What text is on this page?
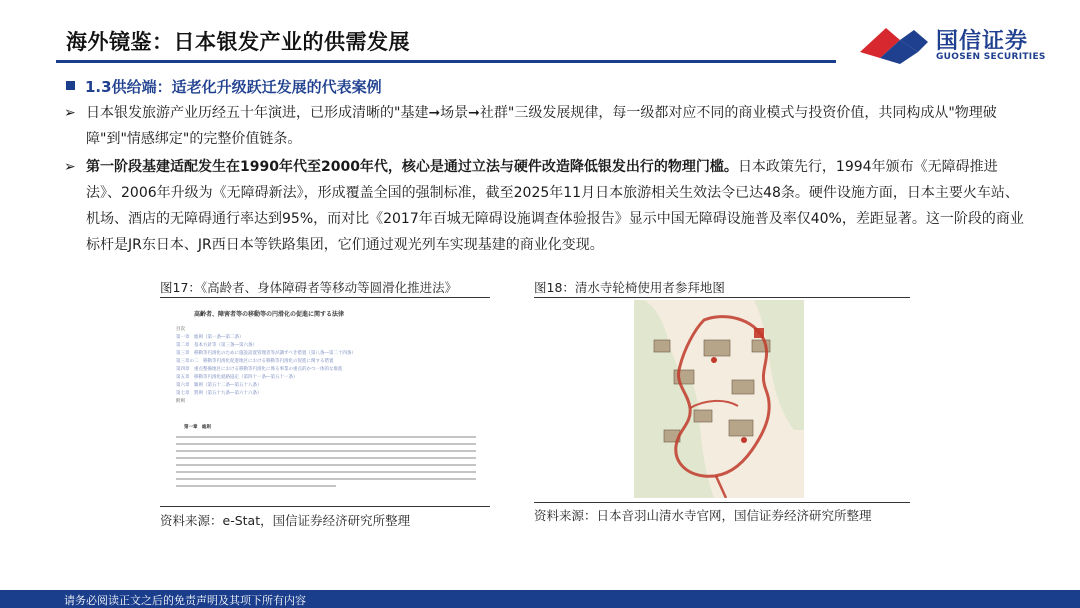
海外镜鉴：日本银发产业的供需发展	国信证券
GUOSEN SECURITIES
1.3供给端：适老化升级跃迁发展的代表案例
➢ 日本银发旅游产业历经五十年演进，已形成清晰的"基建➞场景➞社群"三级发展规律，每一级都对应不同的商业模式与投资价值，共同构成从"物理破障"到"情感绑定"的完整价值链条。
➢ 第一阶段基建适配发生在1990年代至2000年代，核心是通过立法与硬件改造降低银发出行的物理门槛。日本政策先行，1994年颁布《无障碍推进法》、2006年升级为《无障碍新法》，形成覆盖全国的强制标准，截至2025年11月日本旅游相关生效法令已达48条。硬件设施方面，日本主要火车站、机场、酒店的无障碍通行率达到95%，而对比《2017年百城无障碍设施调查体验报告》显示中国无障碍设施普及率仅40%，差距显著。这一阶段的商业标杆是JR东日本、JR西日本等铁路集团，它们通过观光列车实现基建的商业化变现。
图17：《高龄者、身体障碍者等移动等圆滑化推进法》
高齢者、障害者等の移動等の円滑化の促進に関する法律
目次
第一章　総則（第一条―第二条）
第二章　基本方針等（第三条―第六条）
第三章　移動等円滑化のために施設設置管理者等が講ずべき措置（第八条―第二十四条）
第三章の二　移動等円滑化促進地区における移動等円滑化の促進に関する措置
第四章　重点整備地区における移動等円滑化に係る事業の重点的かつ一体的な推進
第五章　移動等円滑化経路協定（第四十一条―第五十一条）
第六章　雑則（第五十二条―第五十八条）
第七章　罰則（第五十九条―第六十六条）
附則
第一章　総則
资料来源：e-Stat，国信证券经济研究所整理
图18：清水寺轮椅使用者参拜地图
资料来源：日本音羽山清水寺官网，国信证券经济研究所整理
请务必阅读正文之后的免责声明及其项下所有内容
